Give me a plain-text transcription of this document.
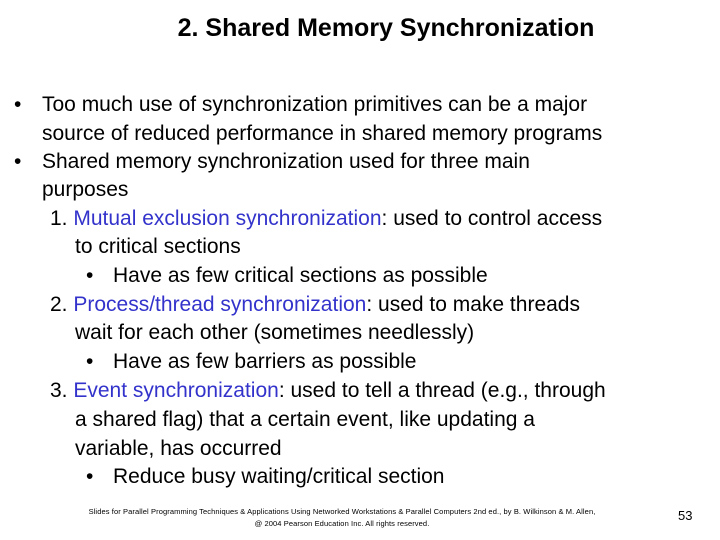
2. Shared Memory Synchronization
• Too much use of synchronization primitives can be a major
source of reduced performance in shared memory programs
• Shared memory synchronization used for three main
purposes
1. Mutual exclusion synchronization: used to control access
to critical sections
• Have as few critical sections as possible
2. Process/thread synchronization: used to make threads
wait for each other (sometimes needlessly)
• Have as few barriers as possible
3. Event synchronization: used to tell a thread (e.g., through
a shared flag) that a certain event, like updating a
variable, has occurred
• Reduce busy waiting/critical section
Slides for Parallel Programming Techniques & Applications Using Networked Workstations & Parallel Computers 2nd ed., by B. Wilkinson & M. Allen,
@ 2004 Pearson Education Inc. All rights reserved.
53
